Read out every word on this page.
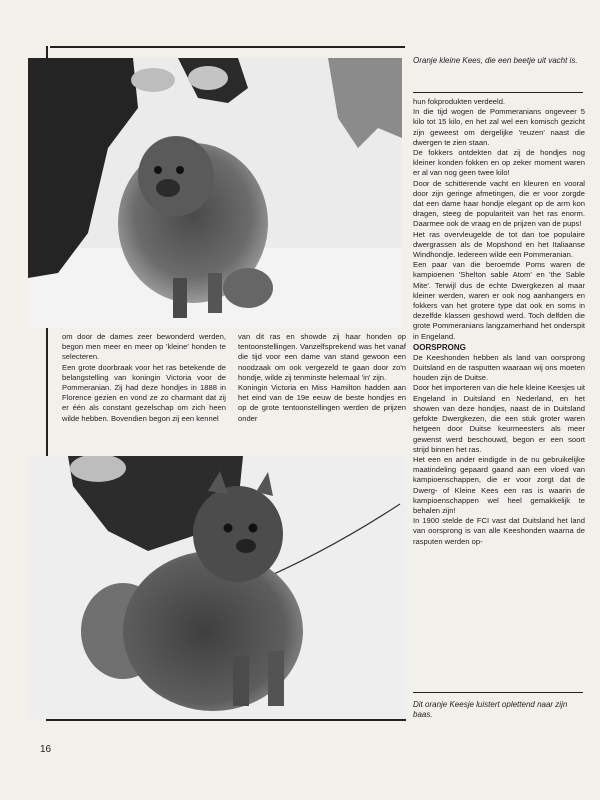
Oranje kleine Kees, die een beetje uit vacht is.

om door de dames zeer bewonderd werden, begon men meer en meer op 'kleine' honden te selecteren.

Een grote doorbraak voor het ras betekende de belangstelling van koningin Victoria voor de Pommeranian. Zij had deze hondjes in 1888 in Florence gezien en vond ze zo charmant dat zij er één als constant gezelschap om zich heen wilde hebben. Bovendien begon zij een kennel

van dit ras en showde zij haar honden op tentoonstellingen. Vanzelfsprekend was het vanaf die tijd voor een dame van stand gewoon een noodzaak om ook vergezeld te gaan door zo'n hondje, wilde zij tenminste helemaal 'in' zijn.

Koningin Victoria en Miss Hamilton hadden aan het eind van de 19e eeuw de beste hondjes en op de grote tentoonstellingen werden de prijzen onder

hun fokprodukten verdeeld.

In die tijd wogen de Pommeranians ongeveer 5 kilo tot 15 kilo, en het zal wel een komisch gezicht zijn geweest om dergelijke 'reuzen' naast die dwergen te zien staan.

De fokkers ontdekten dat zij de hondjes nog kleiner konden fokken en op zeker moment waren er al van nog geen twee kilo!

Door de schitterende vacht en kleuren en vooral door zijn geringe afmetingen, die er voor zorgde dat een dame haar hondje elegant op de arm kon dragen, steeg de populariteit van het ras enorm. Daarmee ook de vraag en de prijzen van de pups!

Het ras overvleugelde de tot dan toe populaire dwergrassen als de Mopshond en het Italiaanse Windhondje. Iedereen wilde een Pommeranian.

Een paar van die beroemde Poms waren de kampioenen 'Shelton sable Atom' en 'the Sable Mite'. Terwijl dus de echte Dwergkezen al maar kleiner werden, waren er ook nog aanhangers en fokkers van het grotere type dat ook en soms in dezelfde klassen geshowd werd. Toch delfden die grote Pommeranians langzamerhand het onderspit in Engeland.

OORSPRONG

De Keeshonden hebben als land van oorsprong Duitsland en de rasputten waaraan wij ons moeten houden zijn de Duitse.

Door het importeren van die hele kleine Keesjes uit Engeland in Duitsland en Nederland, en het showen van deze hondjes, naast de in Duitsland gefokte Dwergkezen, die een stuk groter waren hetgeen door Duitse keurmeesters als meer gewenst werd beschouwd, begon er een soort strijd binnen het ras.

Het een en ander eindigde in de nu gebruikelijke maatindeling gepaard gaand aan een vloed van kampioenschappen, die er voor zorgt dat de Dwerg- of Kleine Kees een ras is waarin de kampioenschappen wel heel gemakkelijk te behalen zijn!

In 1900 stelde de FCI vast dat Duitsland het land van oorsprong is van alle Keeshonden waarna de rasputen werden op-

Dit oranje Keesje luistert oplettend naar zijn baas.
16
